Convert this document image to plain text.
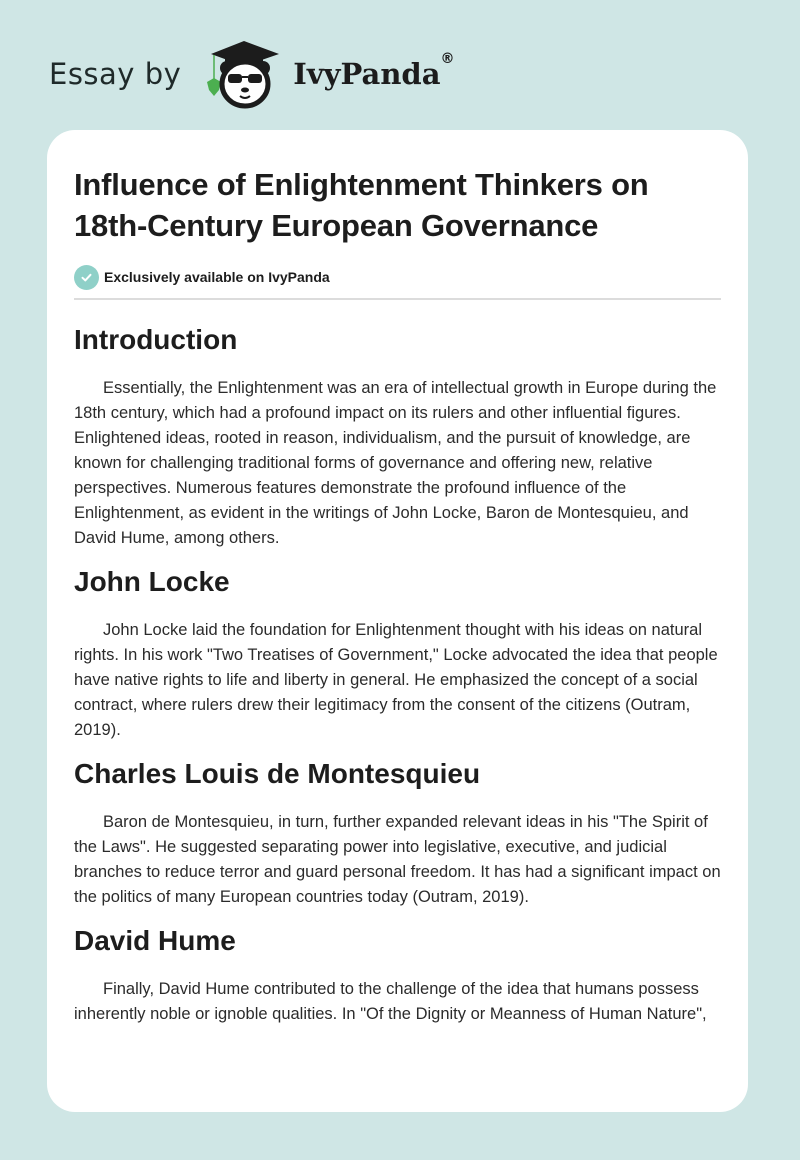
Essay by	IvyPanda®
Influence of Enlightenment Thinkers on 18th-Century European Governance
Exclusively available on IvyPanda
Introduction

Essentially, the Enlightenment was an era of intellectual growth in Europe during the 18th century, which had a profound impact on its rulers and other influential figures. Enlightened ideas, rooted in reason, individualism, and the pursuit of knowledge, are known for challenging traditional forms of governance and offering new, relative perspectives. Numerous features demonstrate the profound influence of the Enlightenment, as evident in the writings of John Locke, Baron de Montesquieu, and David Hume, among others.

John Locke

John Locke laid the foundation for Enlightenment thought with his ideas on natural rights. In his work "Two Treatises of Government," Locke advocated the idea that people have native rights to life and liberty in general. He emphasized the concept of a social contract, where rulers drew their legitimacy from the consent of the citizens (Outram, 2019).

Charles Louis de Montesquieu

Baron de Montesquieu, in turn, further expanded relevant ideas in his "The Spirit of the Laws". He suggested separating power into legislative, executive, and judicial branches to reduce terror and guard personal freedom. It has had a significant impact on the politics of many European countries today (Outram, 2019).

David Hume

Finally, David Hume contributed to the challenge of the idea that humans possess inherently noble or ignoble qualities. In "Of the Dignity or Meanness of Human Nature",
